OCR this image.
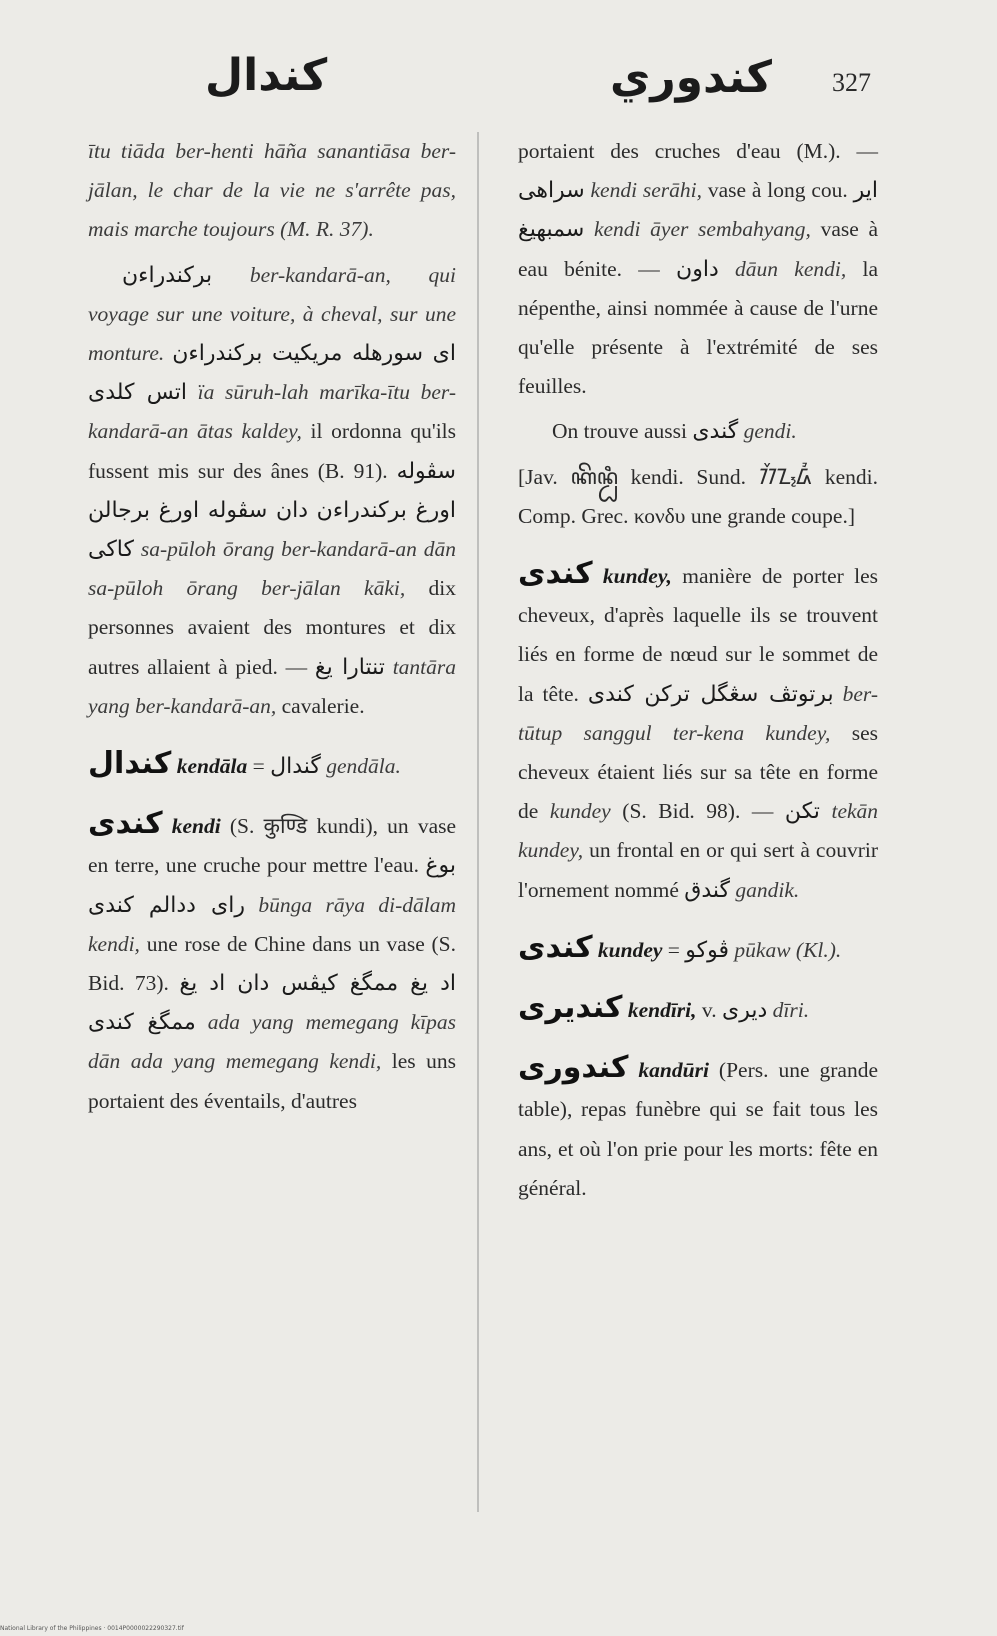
كندال	كندوري 327

ītu tiāda ber-henti hāña sanantiāsa ber-jālan, le char de la vie ne s'arrête pas, mais marche toujours (M. R. 37).

برکندراءن ber-kandarā-an, qui voyage sur une voiture, à cheval, sur une monture. اى سورهله مريکيت برکندراءن اتس کلدى ïa sūruh-lah marīka-ītu ber-kandarā-an ātas kaldey, il ordonna qu'ils fussent mis sur des ânes (B. 91). سڤوله اورغ برکندراءن دان سڤوله اورغ برجالن کاکى sa-pūloh ōrang ber-kandarā-an dān sa-pūloh ōrang ber-jālan kāki, dix personnes avaient des montures et dix autres allaient à pied. — تنتارا يغ tantāra yang ber-kandarā-an, cavalerie.

كندال kendāla = گندال gendāla.

كندى kendi (S. कुण्डि kundi), un vase en terre, une cruche pour mettre l'eau. بوغ راى ددالم کندى būnga rāya di-dālam kendi, une rose de Chine dans un vase (S. Bid. 73). اد يغ ممگغ کيڤس دان اد يغ ممگغ کندى ada yang memegang kīpas dān ada yang memegang kendi, les uns portaient des éventails, d'autres

portaient des cruches d'eau (M.). — سراهى kendi serāhi, vase à long cou. اير سمبهيغ kendi āyer sembahyang, vase à eau bénite. — داون dāun kendi, la népenthe, ainsi nommée à cause de l'urne qu'elle présente à l'extrémité de ses feuilles.

On trouve aussi گندى gendi.

[Jav. ꦏꦼꦤ꧀ꦝꦶ kendi. Sund. ᮊᮨᮔ᮪ᮓᮤ kendi. Comp. Grec. κονδυ une grande coupe.]

كندى kundey, manière de porter les cheveux, d'après laquelle ils se trouvent liés en forme de nœud sur le sommet de la tête. برتوتڤ سڠگل ترکن کندى ber-tūtup sanggul ter-kena kundey, ses cheveux étaient liés sur sa tête en forme de kundey (S. Bid. 98). — تکن tekān kundey, un frontal en or qui sert à couvrir l'ornement nommé گندق gandik.

كندى kundey = ڤوکو pūkaw (Kl.).

كنديرى kendīri, v. ديرى dīri.

كندورى kandūri (Pers. une grande table), repas funèbre qui se fait tous les ans, et où l'on prie pour les morts: fête en général.

National Library of the Philippines · 0014P0000022290327.tif
